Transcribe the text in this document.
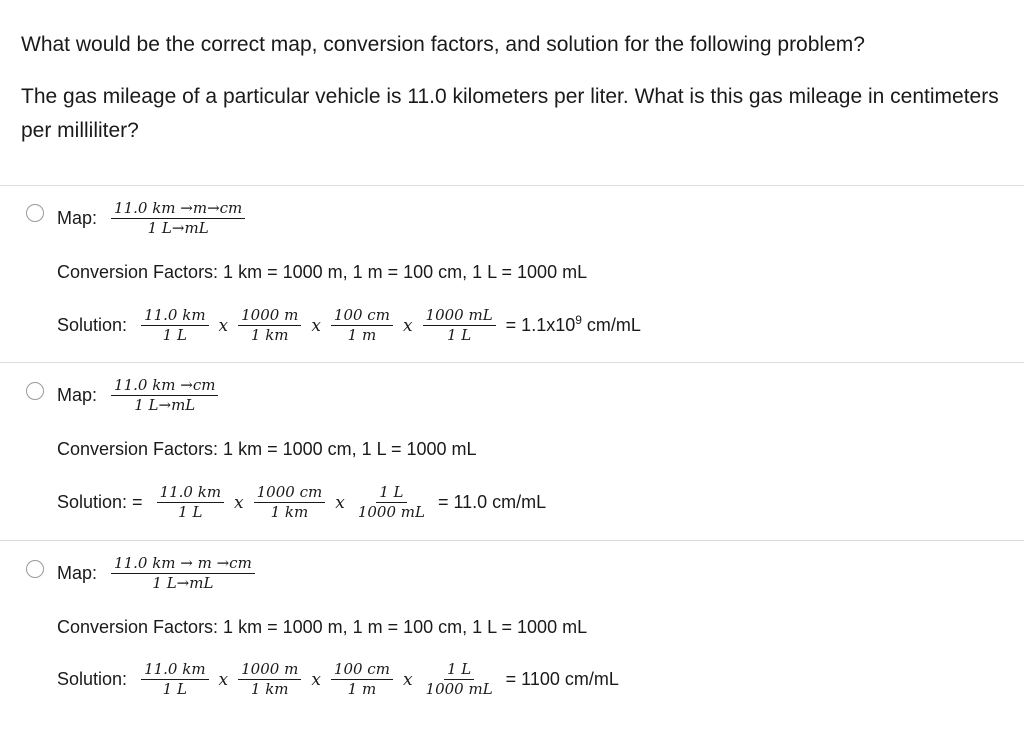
What would be the correct map, conversion factors, and solution for the following problem?

The gas mileage of a particular vehicle is 11.0 kilometers per liter. What is this gas mileage in centimeters per milliliter?

Map: $\frac{11.0 km \to m\to cm}{1 L\to mL}$
Conversion Factors: 1 km = 1000 m, 1 m = 100 cm, 1 L = 1000 mL
Solution: $\frac{11.0 km}{1 L}$ x $\frac{1000 m}{1 km}$ x $\frac{100 cm}{1 m}$ x $\frac{1000 mL}{1 L} = 1.1x10^9$ cm/mL
Map: $\frac{11.0 km \to cm}{1 L\to mL}$
Conversion Factors: 1 km = 1000 cm, 1 L = 1000 mL
Solution: = $\frac{11.0 km}{1 L}$ x $\frac{1000 cm}{1 km}$ x $\frac{1 L}{1000 mL} = 11.0$ cm/mL
Map: $\frac{11.0 km \to m \to cm}{1 L\to mL}$
Conversion Factors: 1 km = 1000 m, 1 m = 100 cm, 1 L = 1000 mL
Solution: $\frac{11.0 km}{1 L}$ x $\frac{1000 m}{1 km}$ x $\frac{100 cm}{1 m}$ x $\frac{1 L}{1000 mL} = 1100$ cm/mL
